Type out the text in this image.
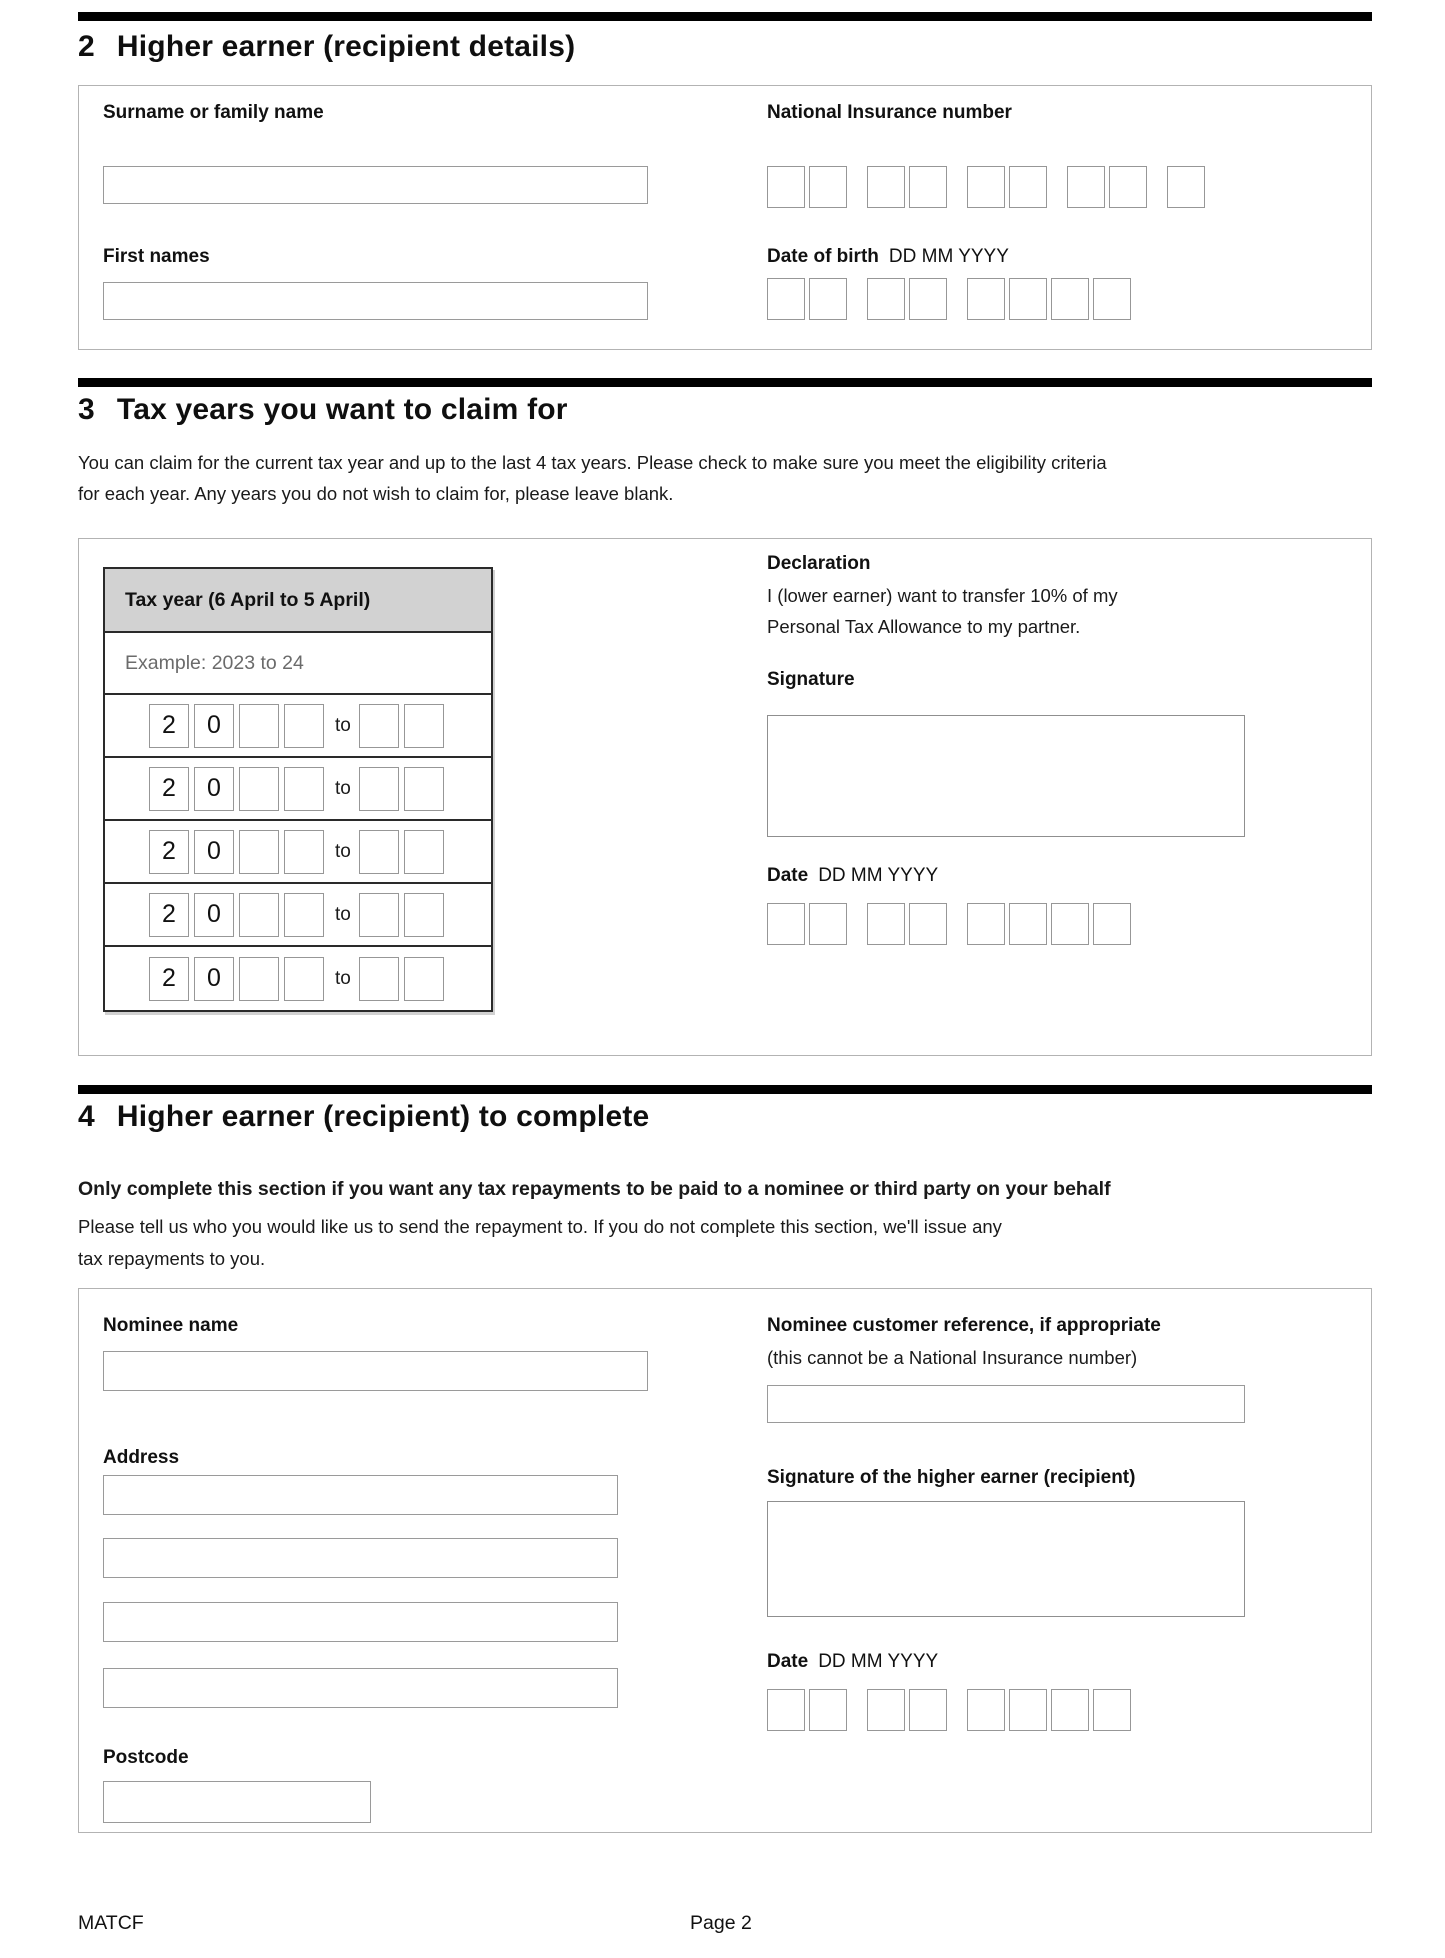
2 Higher earner (recipient details)
Surname or family name	National Insurance number
First names	Date of birth DD MM YYYY
3 Tax years you want to claim for
You can claim for the current tax year and up to the last 4 tax years. Please check to make sure you meet the eligibility criteria
for each year. Any years you do not wish to claim for, please leave blank.
Tax year (6 April to 5 April)
Example: 2023 to 24
2	0	to
2	0	to
2	0	to
2	0	to
2	0	to
Declaration
I (lower earner) want to transfer 10% of my
Personal Tax Allowance to my partner.
Signature
Date DD MM YYYY
4 Higher earner (recipient) to complete
Only complete this section if you want any tax repayments to be paid to a nominee or third party on your behalf
Please tell us who you would like us to send the repayment to. If you do not complete this section, we'll issue any
tax repayments to you.
Nominee name
Address
Postcode
Nominee customer reference, if appropriate
(this cannot be a National Insurance number)
Signature of the higher earner (recipient)
Date DD MM YYYY
MATCF	Page 2
